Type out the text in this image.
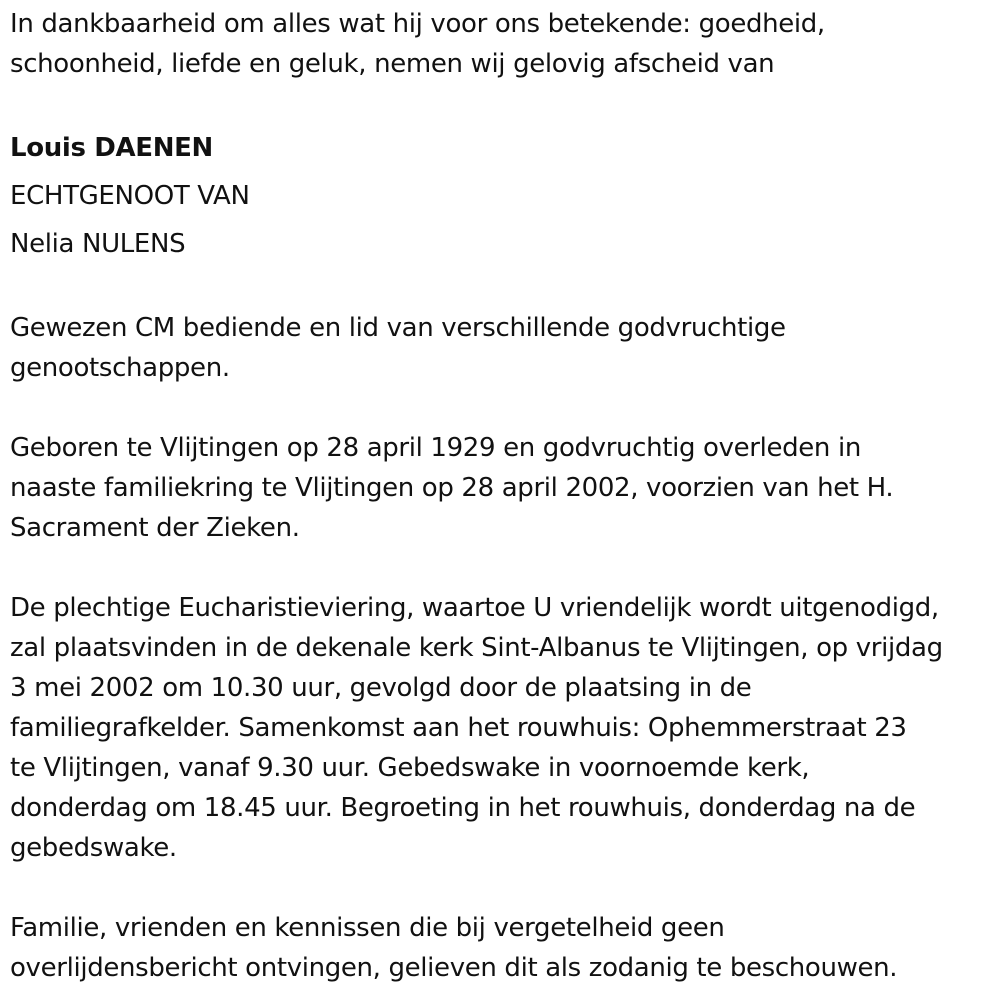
In dankbaarheid om alles wat hij voor ons betekende: goedheid,
schoonheid, liefde en geluk, nemen wij gelovig afscheid van
Louis DAENEN
ECHTGENOOT VAN
Nelia NULENS
Gewezen CM bediende en lid van verschillende godvruchtige
genootschappen.
Geboren te Vlijtingen op 28 april 1929 en godvruchtig overleden in
naaste familiekring te Vlijtingen op 28 april 2002, voorzien van het H.
Sacrament der Zieken.
De plechtige Eucharistieviering, waartoe U vriendelijk wordt uitgenodigd,
zal plaatsvinden in de dekenale kerk Sint-Albanus te Vlijtingen, op vrijdag
3 mei 2002 om 10.30 uur, gevolgd door de plaatsing in de
familiegrafkelder. Samenkomst aan het rouwhuis: Ophemmerstraat 23
te Vlijtingen, vanaf 9.30 uur. Gebedswake in voornoemde kerk,
donderdag om 18.45 uur. Begroeting in het rouwhuis, donderdag na de
gebedswake.
Familie, vrienden en kennissen die bij vergetelheid geen
overlijdensbericht ontvingen, gelieven dit als zodanig te beschouwen.
